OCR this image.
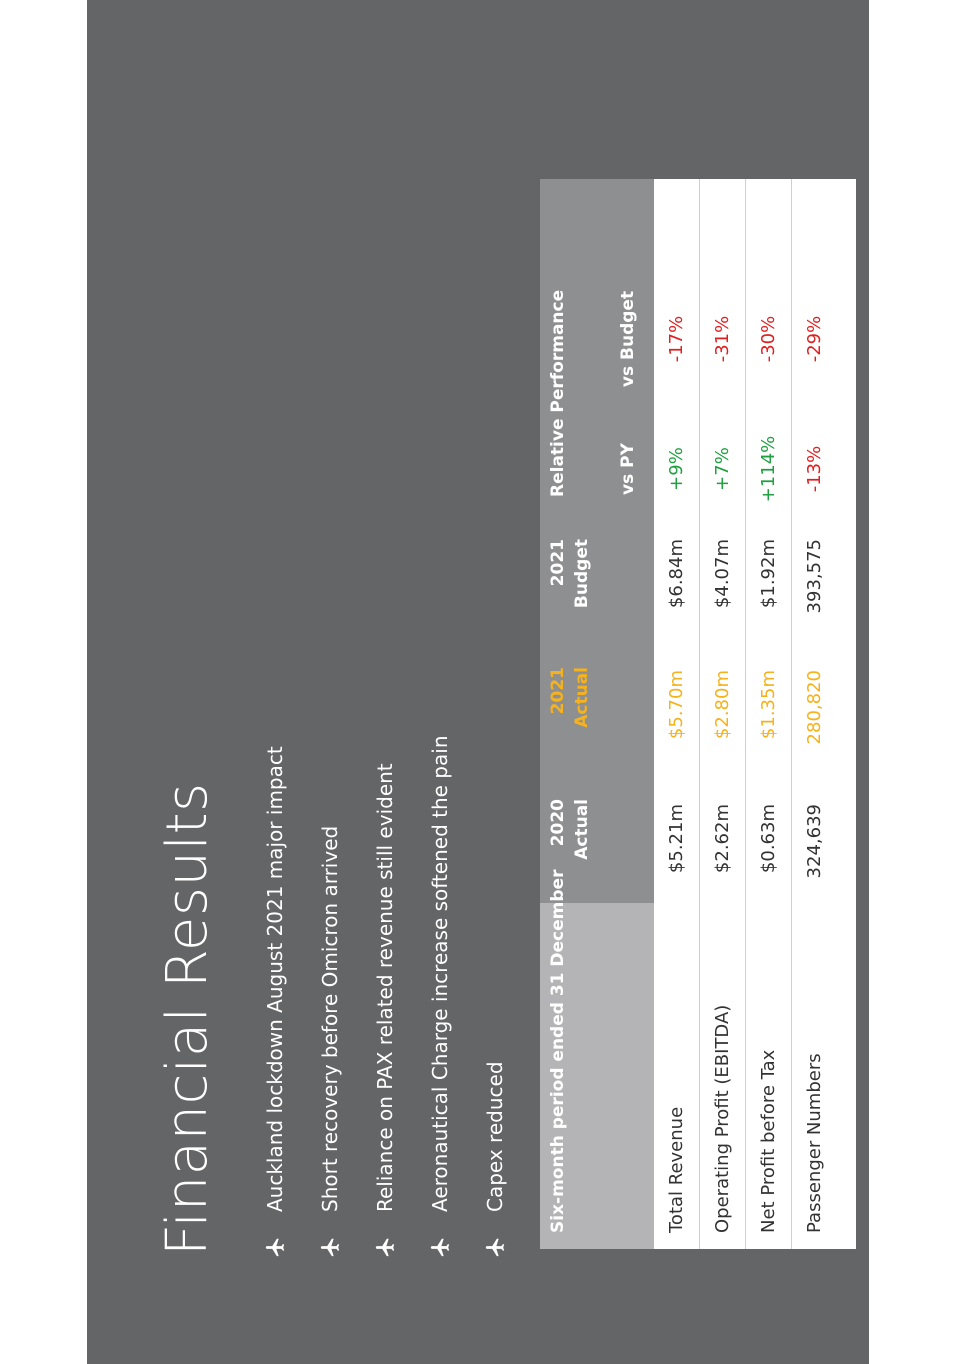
Financial Results Auckland lockdown August 2021 major impact Short recovery before Omicron arrived Reliance on PAX related revenue still evident Aeronautical Charge increase softened the pain Capex reduced Six-month period ended 31 December
2020 Actual
2021 Actual
2021 Budget
Relative Performance	vs PY
vs Budget
Total Revenue
$5.21m
$5.70m
$6.84m
+9%
-17%
Operating Profit (EBITDA)
$2.62m
$2.80m
$4.07m
+7%
-31%
Net Profit before Tax
$0.63m
$1.35m
$1.92m
+114%
-30%
Passenger Numbers
324,639
280,820
393,575
-13%
-29%
